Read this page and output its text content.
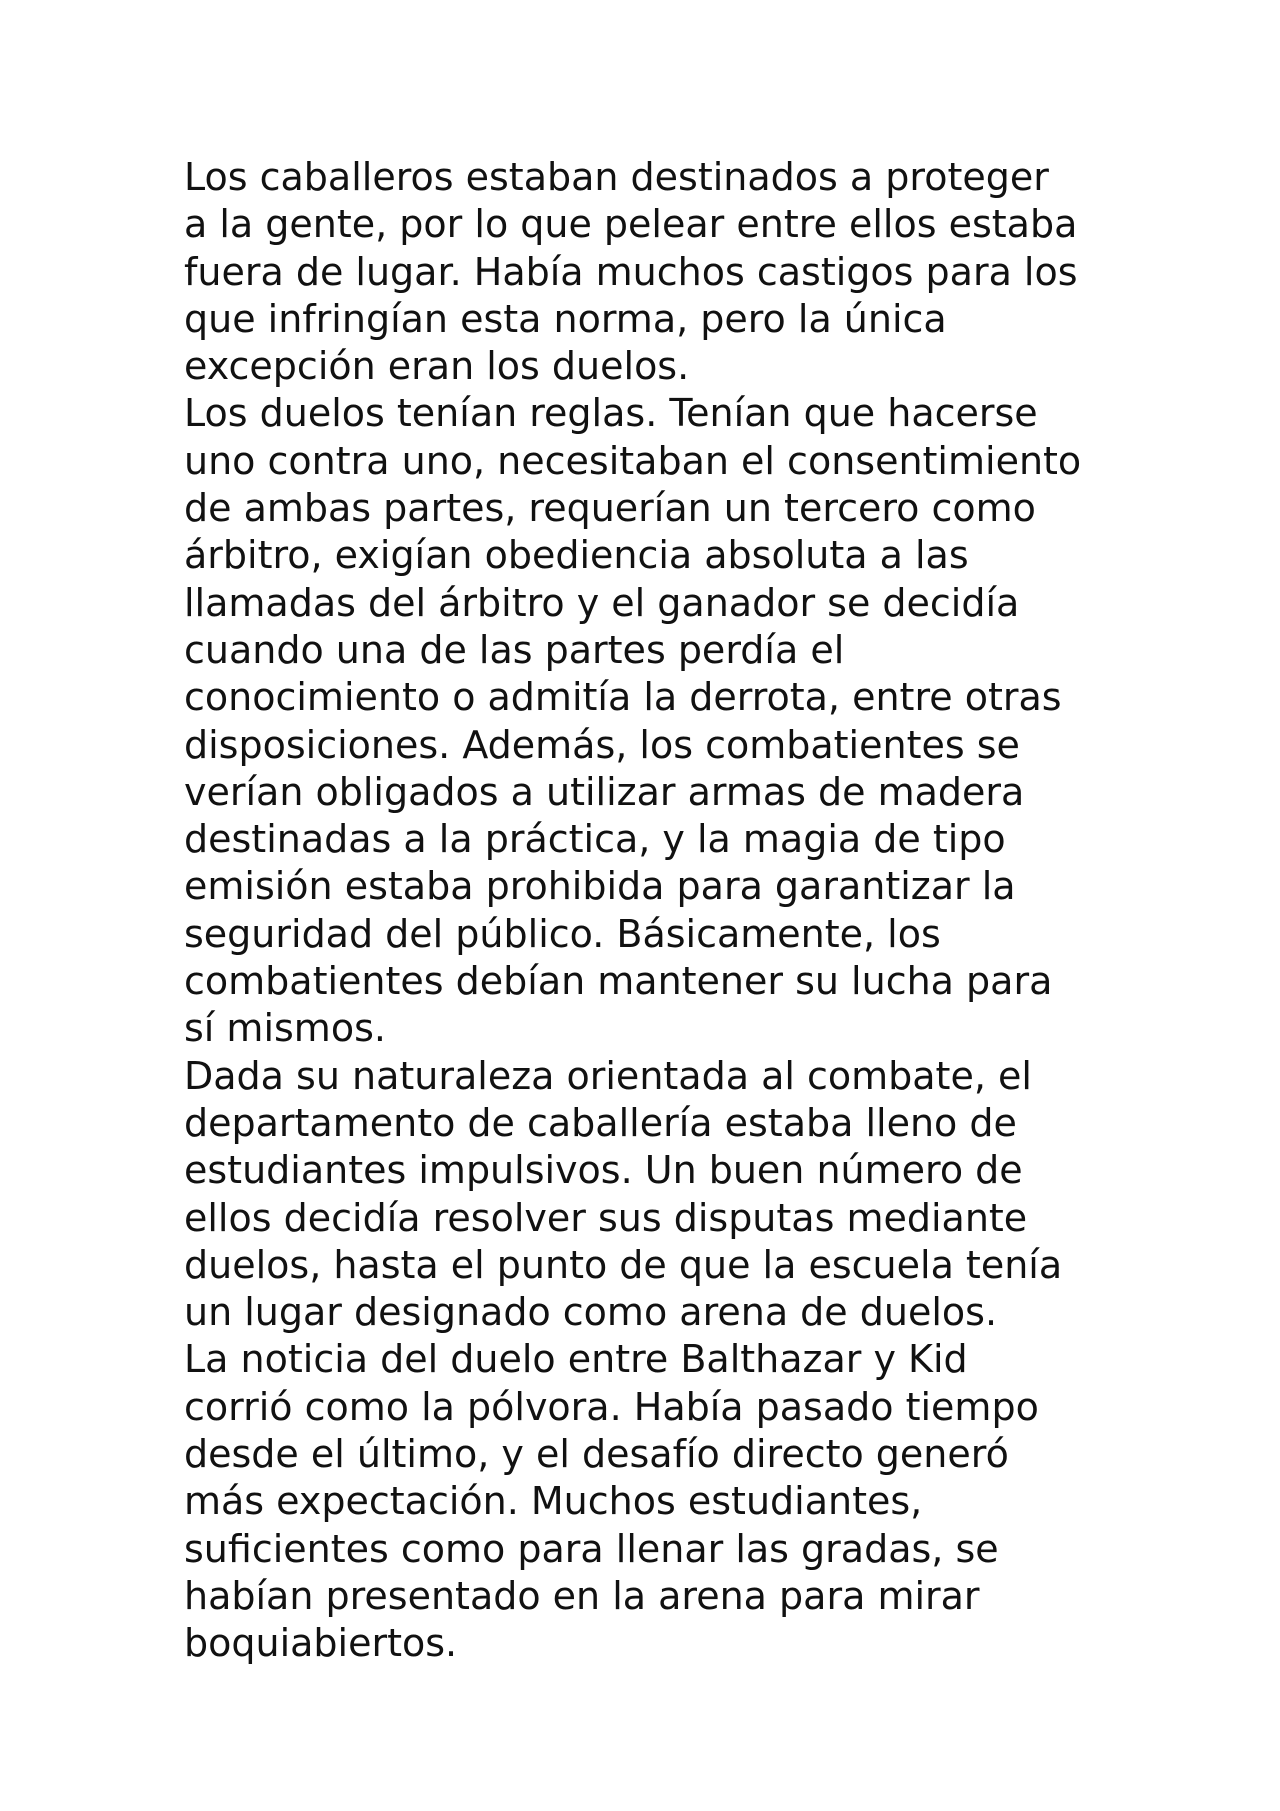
Los caballeros estaban destinados a proteger
a la gente, por lo que pelear entre ellos estaba
fuera de lugar. Había muchos castigos para los
que infringían esta norma, pero la única
excepción eran los duelos.
Los duelos tenían reglas. Tenían que hacerse
uno contra uno, necesitaban el consentimiento
de ambas partes, requerían un tercero como
árbitro, exigían obediencia absoluta a las
llamadas del árbitro y el ganador se decidía
cuando una de las partes perdía el
conocimiento o admitía la derrota, entre otras
disposiciones. Además, los combatientes se
verían obligados a utilizar armas de madera
destinadas a la práctica, y la magia de tipo
emisión estaba prohibida para garantizar la
seguridad del público. Básicamente, los
combatientes debían mantener su lucha para
sí mismos.
Dada su naturaleza orientada al combate, el
departamento de caballería estaba lleno de
estudiantes impulsivos. Un buen número de
ellos decidía resolver sus disputas mediante
duelos, hasta el punto de que la escuela tenía
un lugar designado como arena de duelos.
La noticia del duelo entre Balthazar y Kid
corrió como la pólvora. Había pasado tiempo
desde el último, y el desafío directo generó
más expectación. Muchos estudiantes,
suficientes como para llenar las gradas, se
habían presentado en la arena para mirar
boquiabiertos.
